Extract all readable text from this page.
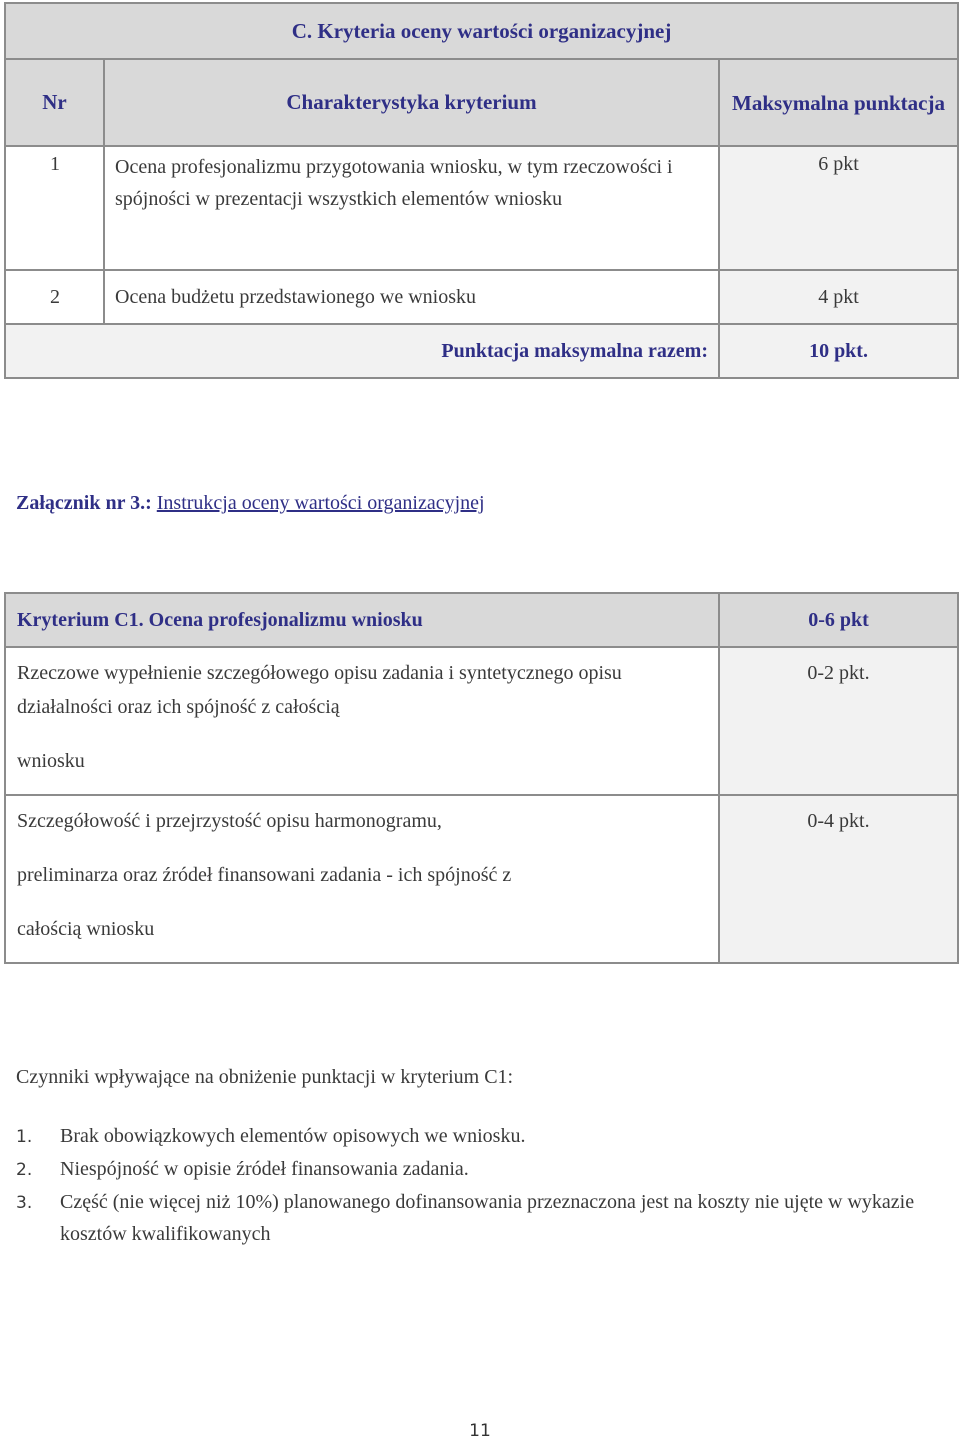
C. Kryteria oceny wartości organizacyjnej		
Nr	Charakterystyka kryterium	Maksymalna punktacja
1	Ocena profesjonalizmu przygotowania wniosku, w tym rzeczowości i spójności w prezentacji wszystkich elementów wniosku	6 pkt
2	Ocena budżetu przedstawionego we wniosku	4 pkt
Punktacja maksymalna razem:		10 pkt.
Załącznik nr 3.: Instrukcja oceny wartości organizacyjnej
Kryterium C1. Ocena profesjonalizmu wniosku	0-6 pkt

Rzeczowe wypełnienie szczegółowego opisu zadania i syntetycznego opisu działalności oraz ich spójność z całością
wniosku	0-2 pkt.

Szczegółowość i przejrzystość opisu harmonogramu,
preliminarza oraz źródeł finansowani zadania - ich spójność z
całością wniosku	0-4 pkt.
Czynniki wpływające na obniżenie punktacji w kryterium C1:
1.	Brak obowiązkowych elementów opisowych we wniosku.
2.	Niespójność w opisie źródeł finansowania zadania.
3.	Część (nie więcej niż 10%) planowanego dofinansowania przeznaczona jest na koszty nie ujęte w wykazie kosztów kwalifikowanych
11
